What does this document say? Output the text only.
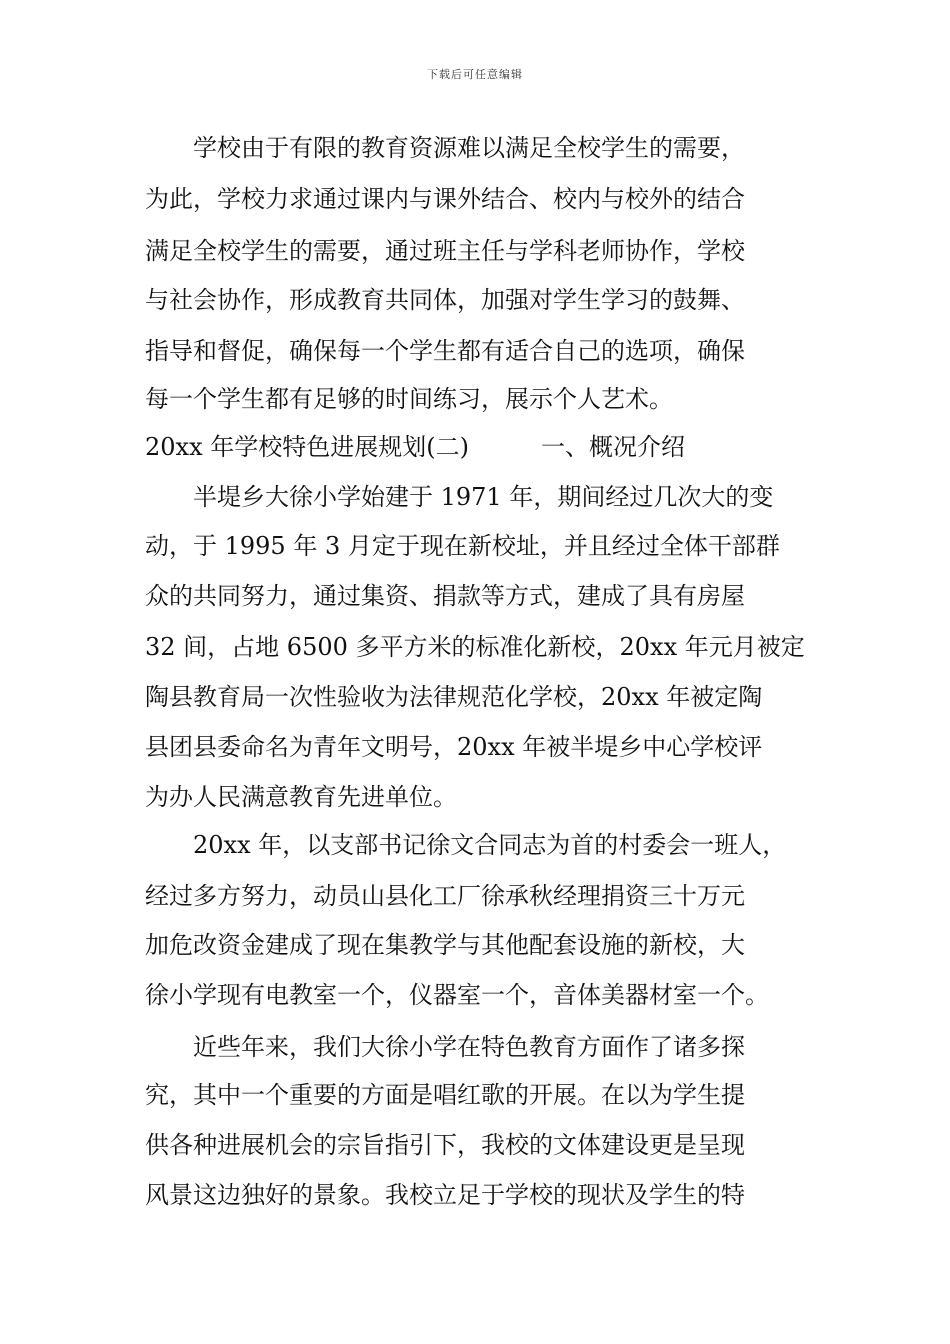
下载后可任意编辑
　　学校由于有限的教育资源难以满足全校学生的需要，
为此，学校力求通过课内与课外结合、校内与校外的结合
满足全校学生的需要，通过班主任与学科老师协作，学校
与社会协作，形成教育共同体，加强对学生学习的鼓舞、
指导和督促，确保每一个学生都有适合自己的选项，确保
每一个学生都有足够的时间练习，展示个人艺术。
20xx 年学校特色进展规划(二)　　　一、概况介绍
　　半堤乡大徐小学始建于 1971 年，期间经过几次大的变
动，于 1995 年 3 月定于现在新校址，并且经过全体干部群
众的共同努力，通过集资、捐款等方式，建成了具有房屋
32 间，占地 6500 多平方米的标准化新校，20xx 年元月被定
陶县教育局一次性验收为法律规范化学校，20xx 年被定陶
县团县委命名为青年文明号，20xx 年被半堤乡中心学校评
为办人民满意教育先进单位。
　　20xx 年，以支部书记徐文合同志为首的村委会一班人，
经过多方努力，动员山县化工厂徐承秋经理捐资三十万元
加危改资金建成了现在集教学与其他配套设施的新校，大
徐小学现有电教室一个，仪器室一个，音体美器材室一个。
　　近些年来，我们大徐小学在特色教育方面作了诸多探
究，其中一个重要的方面是唱红歌的开展。在以为学生提
供各种进展机会的宗旨指引下，我校的文体建设更是呈现
风景这边独好的景象。我校立足于学校的现状及学生的特
